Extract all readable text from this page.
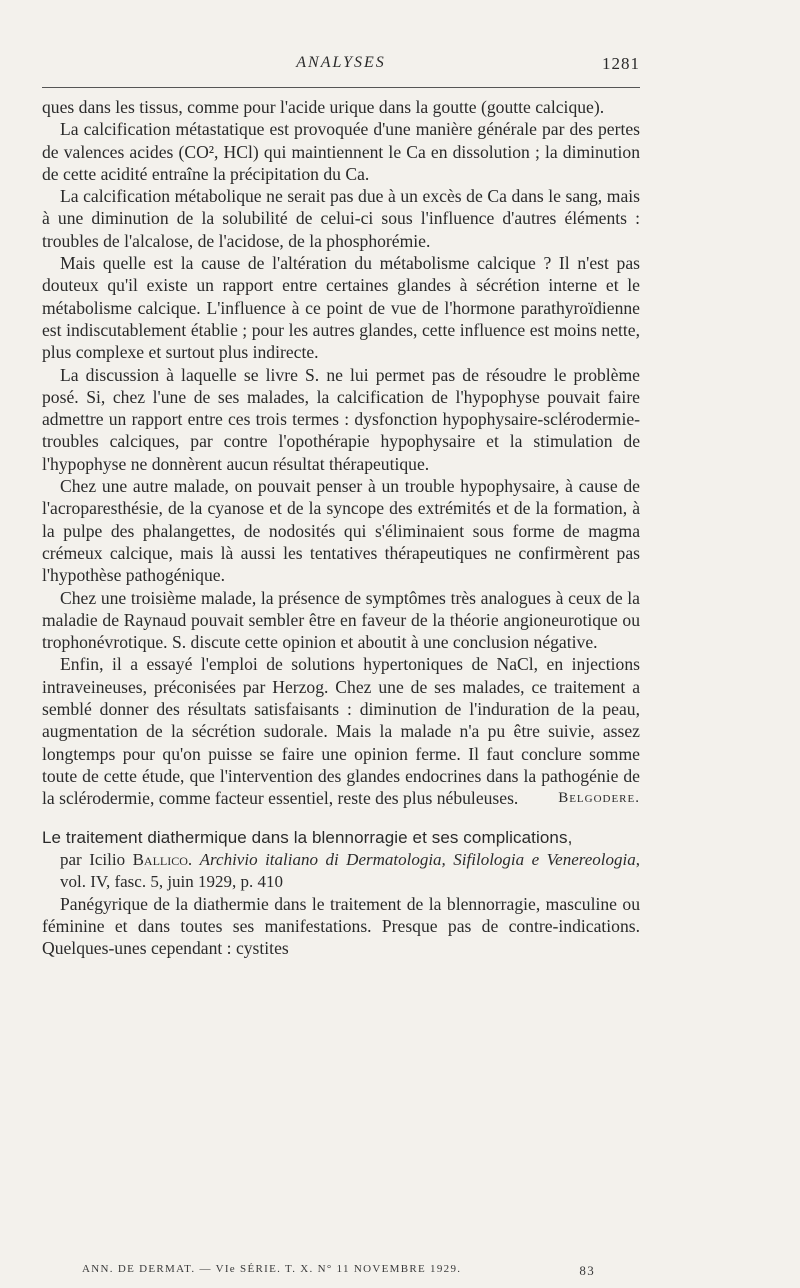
ANALYSES	1281

ques dans les tissus, comme pour l'acide urique dans la goutte (goutte calcique).

La calcification métastatique est provoquée d'une manière générale par des pertes de valences acides (CO², HCl) qui maintiennent le Ca en dissolution ; la diminution de cette acidité entraîne la précipitation du Ca.

La calcification métabolique ne serait pas due à un excès de Ca dans le sang, mais à une diminution de la solubilité de celui-ci sous l'influence d'autres éléments : troubles de l'alcalose, de l'acidose, de la phosphorémie.

Mais quelle est la cause de l'altération du métabolisme calcique ? Il n'est pas douteux qu'il existe un rapport entre certaines glandes à sécrétion interne et le métabolisme calcique. L'influence à ce point de vue de l'hormone parathyroïdienne est indiscutablement établie ; pour les autres glandes, cette influence est moins nette, plus complexe et surtout plus indirecte.

La discussion à laquelle se livre S. ne lui permet pas de résoudre le problème posé. Si, chez l'une de ses malades, la calcification de l'hypophyse pouvait faire admettre un rapport entre ces trois termes : dysfonction hypophysaire-sclérodermie-troubles calciques, par contre l'opothérapie hypophysaire et la stimulation de l'hypophyse ne donnèrent aucun résultat thérapeutique.

Chez une autre malade, on pouvait penser à un trouble hypophysaire, à cause de l'acroparesthésie, de la cyanose et de la syncope des extrémités et de la formation, à la pulpe des phalangettes, de nodosités qui s'éliminaient sous forme de magma crémeux calcique, mais là aussi les tentatives thérapeutiques ne confirmèrent pas l'hypothèse pathogénique.

Chez une troisième malade, la présence de symptômes très analogues à ceux de la maladie de Raynaud pouvait sembler être en faveur de la théorie angioneurotique ou trophonévrotique. S. discute cette opinion et aboutit à une conclusion négative.

Enfin, il a essayé l'emploi de solutions hypertoniques de NaCl, en injections intraveineuses, préconisées par Herzog. Chez une de ses malades, ce traitement a semblé donner des résultats satisfaisants : diminution de l'induration de la peau, augmentation de la sécrétion sudorale. Mais la malade n'a pu être suivie, assez longtemps pour qu'on puisse se faire une opinion ferme. Il faut conclure somme toute de cette étude, que l'intervention des glandes endocrines dans la pathogénie de la sclérodermie, comme facteur essentiel, reste des plus nébuleuses.	Belgodere.
Le traitement diathermique dans la blennorragie et ses complications,
par Icilio Ballico. Archivio italiano di Dermatologia, Sifilologia e Venereologia, vol. IV, fasc. 5, juin 1929, p. 410

Panégyrique de la diathermie dans le traitement de la blennorragie, masculine ou féminine et dans toutes ses manifestations. Presque pas de contre-indications. Quelques-unes cependant : cystites

ANN. DE DERMAT. — VIe SÉRIE. T. X. N° 11 NOVEMBRE 1929.	83
